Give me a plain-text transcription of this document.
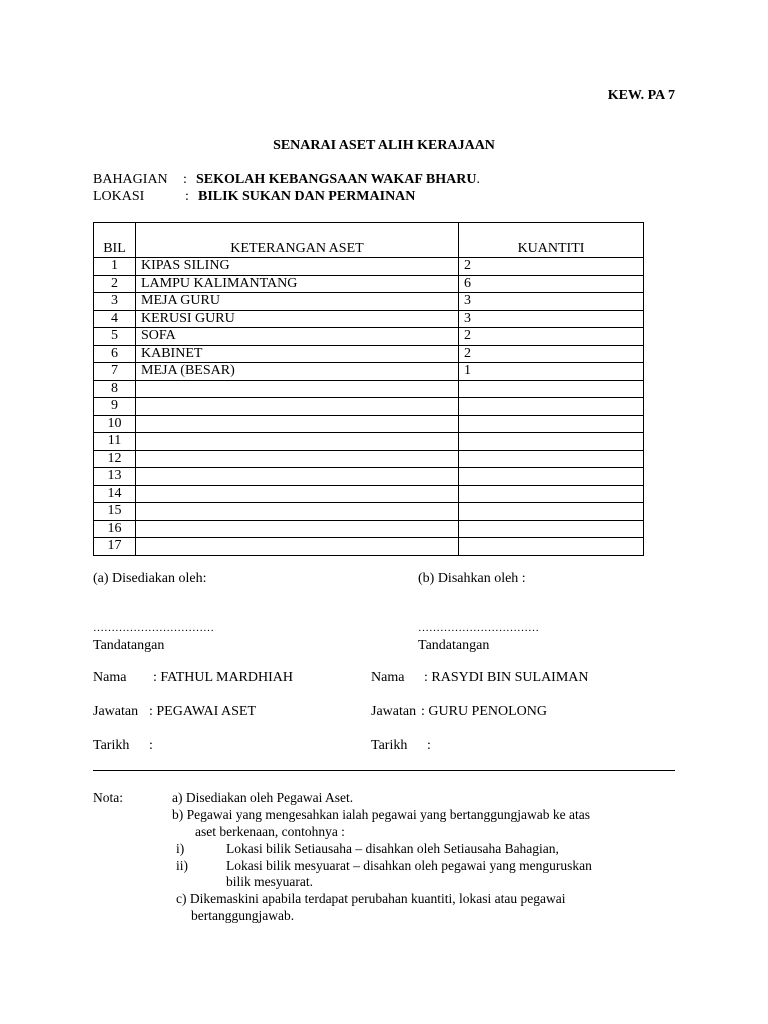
KEW. PA 7
SENARAI ASET ALIH KERAJAAN
BAHAGIAN : SEKOLAH KEBANGSAAN WAKAF BHARU.
LOKASI	: BILIK SUKAN DAN PERMAINAN
BIL	KETERANGAN ASET	KUANTITI
1	KIPAS SILING	2
2	LAMPU KALIMANTANG	6
3	MEJA GURU	3
4	KERUSI GURU	3
5	SOFA	2
6	KABINET	2
7	MEJA (BESAR)	1
8		
9		
10		
11		
12		
13		
14		
15		
16		
17		
(a) Disediakan oleh:	(b) Disahkan oleh :
……………………………	……………………………
Tandatangan	Tandatangan
Nama : FATHUL MARDHIAH	Nama : RASYDI BIN SULAIMAN
Jawatan : PEGAWAI ASET	Jawatan : GURU PENOLONG
Tarikh :	Tarikh :
Nota:	a) Disediakan oleh Pegawai Aset.
b) Pegawai yang mengesahkan ialah pegawai yang bertanggungjawab ke atas
aset berkenaan, contohnya :
i)	Lokasi bilik Setiausaha – disahkan oleh Setiausaha Bahagian,
ii)	Lokasi bilik mesyuarat – disahkan oleh pegawai yang menguruskan
bilik mesyuarat.
c) Dikemaskini apabila terdapat perubahan kuantiti, lokasi atau pegawai
bertanggungjawab.
